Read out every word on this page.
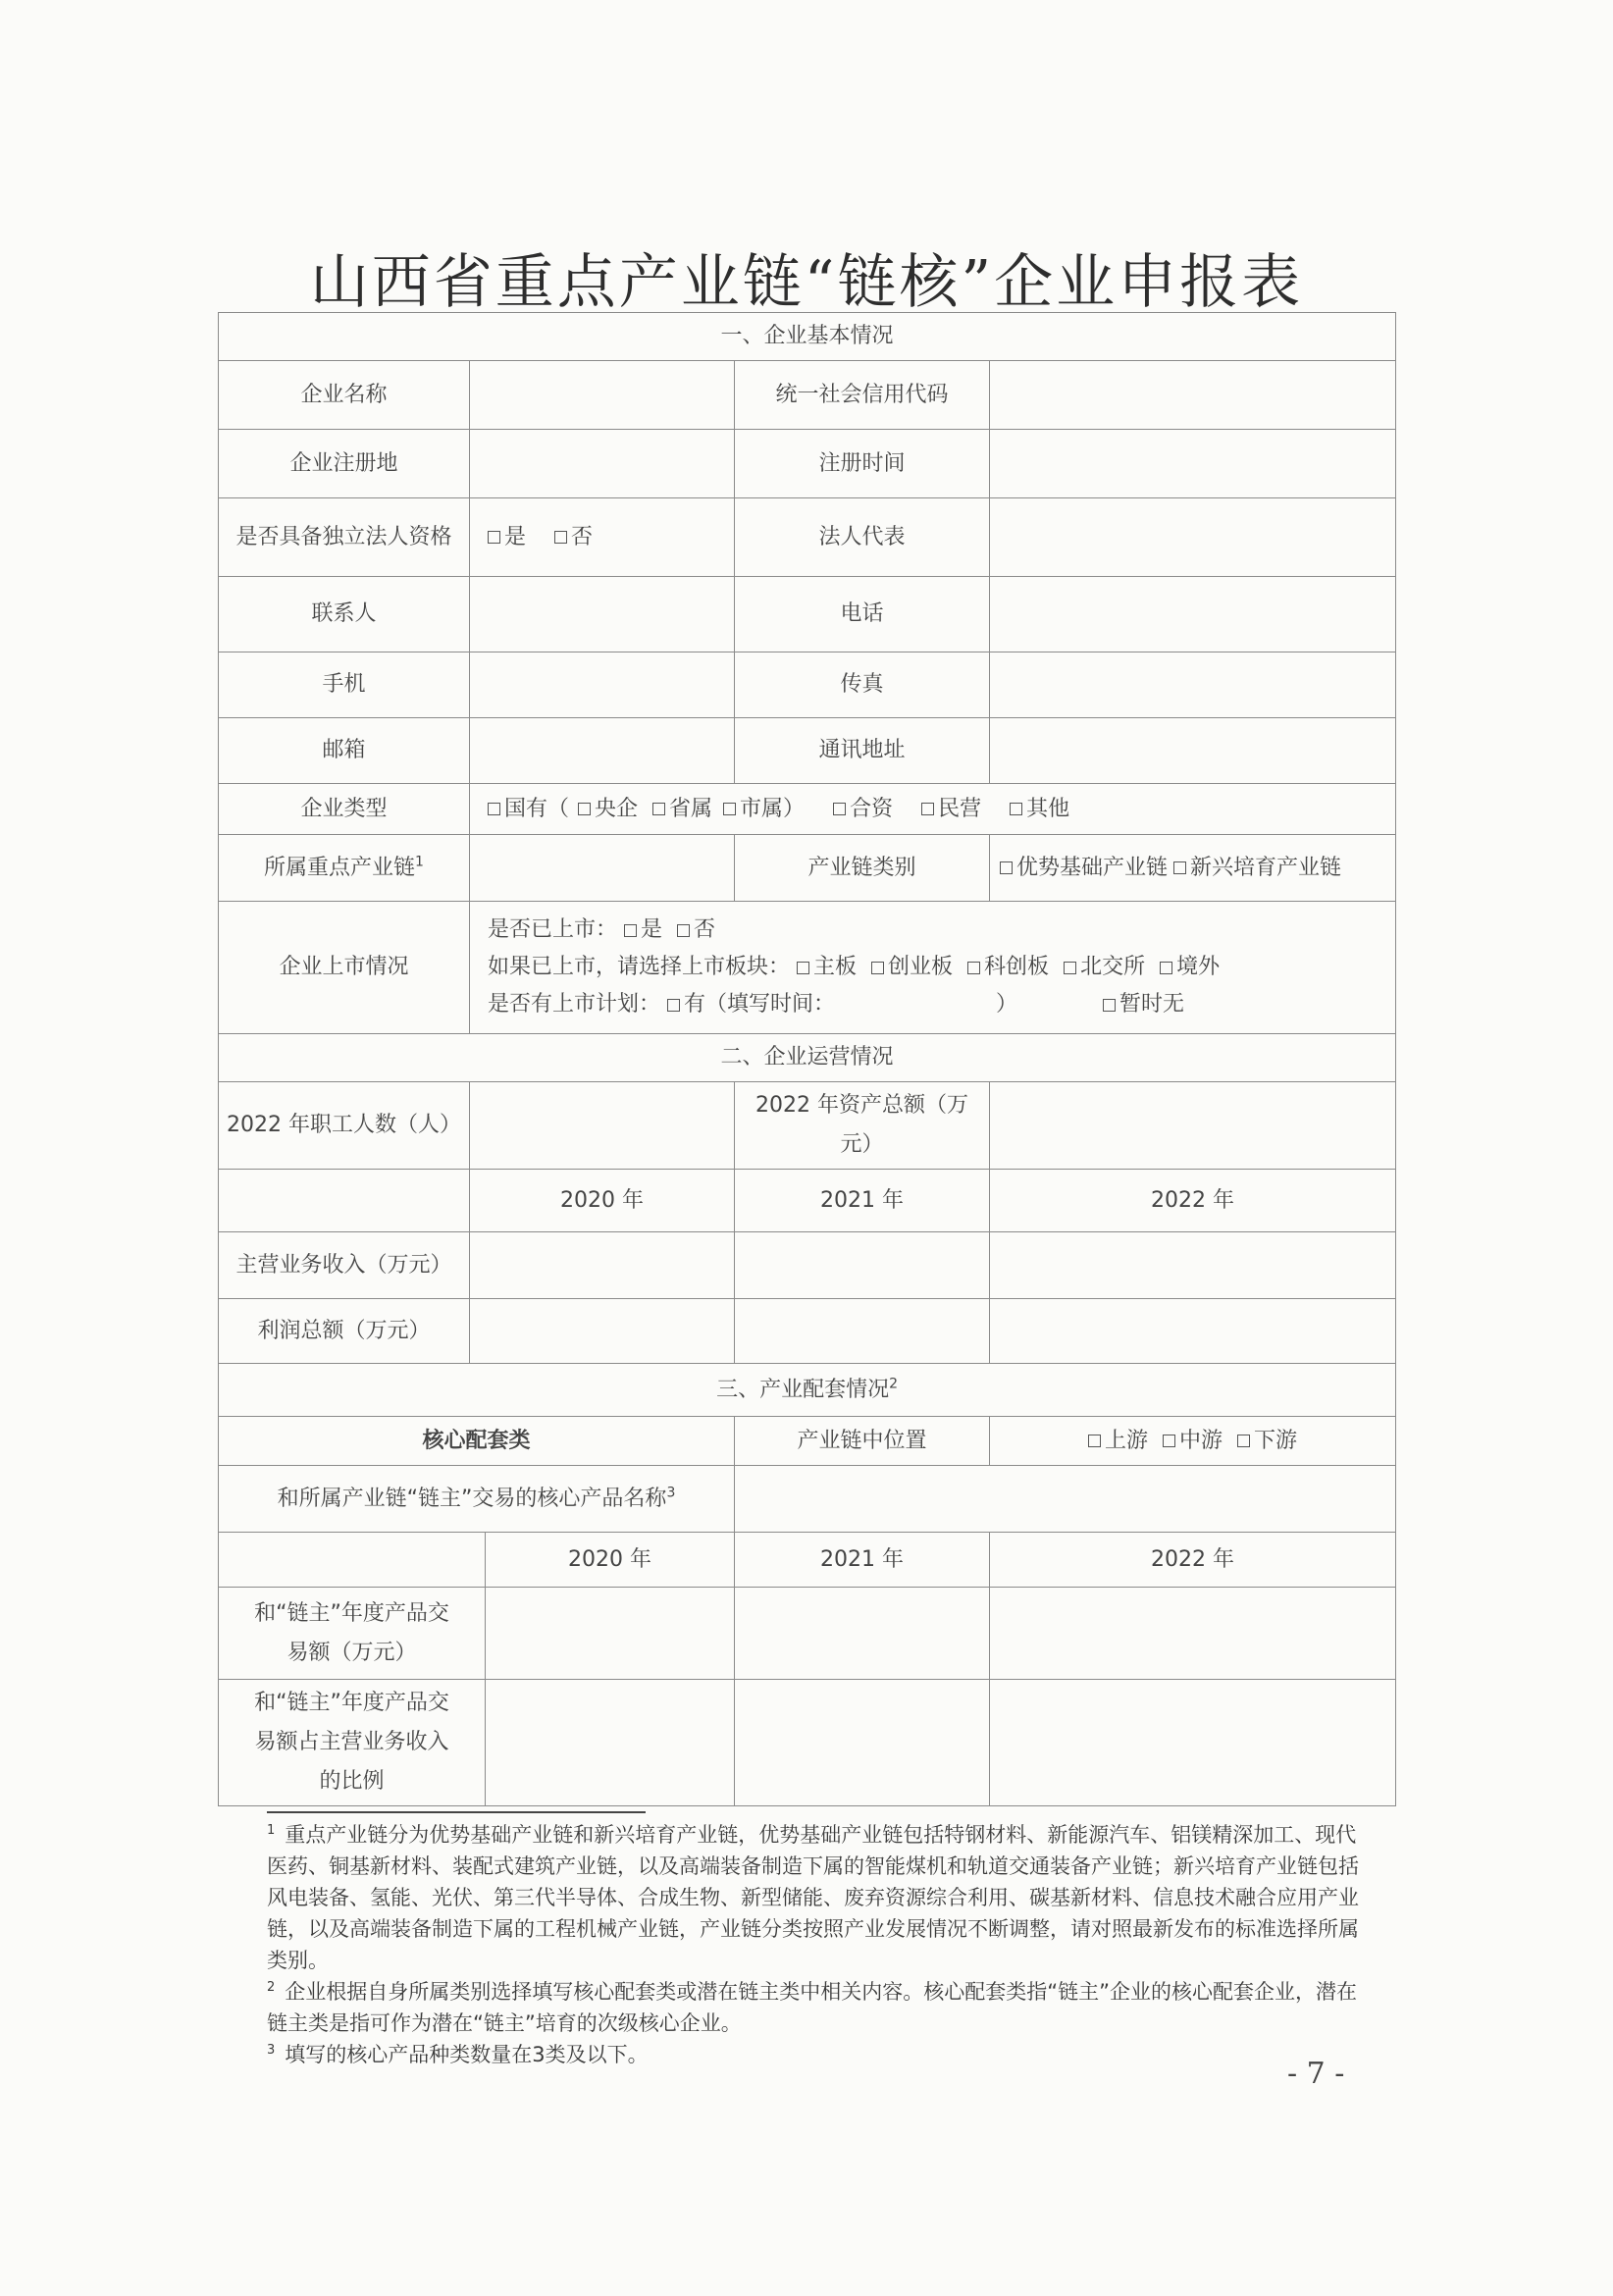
山西省重点产业链“链核”企业申报表
一、企业基本情况				
企业名称			统一社会信用代码	
企业注册地			注册时间	
是否具备独立法人资格	是 否		法人代表	
联系人			电话	
手机			传真	
邮箱			通讯地址	
企业类型	国有（ 央企 省属 市属） 合资 民营 其他			
所属重点产业链$^1$			产业链类别	优势基础产业链 新兴培育产业链
企业上市情况	是否已上市： 是 否
如果已上市，请选择上市板块： 主板 创业板 科创板 北交所 境外
是否有上市计划： 有（填写时间： ） 暂时无			

二、企业运营情况				
2022 年职工人数（人）			2022 年资产总额（万元）	
	2020 年		2021 年	2022 年
主营业务收入（万元）				
利润总额（万元）				
三、产业配套情况$^2$
核心配套类			产业链中位置	上游 中游 下游
和所属产业链“链主”交易的核心产品名称$^3$	
		2020 年	2021 年	2022 年
和“链主”年度产品交易额（万元）				
和“链主”年度产品交易额占主营业务收入的比例				

$^1$ 重点产业链分为优势基础产业链和新兴培育产业链，优势基础产业链包括特钢材料、新能源汽车、铝镁精深加工、现代医药、铜基新材料、装配式建筑产业链，以及高端装备制造下属的智能煤机和轨道交通装备产业链；新兴培育产业链包括风电装备、氢能、光伏、第三代半导体、合成生物、新型储能、废弃资源综合利用、碳基新材料、信息技术融合应用产业链，以及高端装备制造下属的工程机械产业链，产业链分类按照产业发展情况不断调整，请对照最新发布的标准选择所属类别。

$^2$ 企业根据自身所属类别选择填写核心配套类或潜在链主类中相关内容。核心配套类指“链主”企业的核心配套企业，潜在链主类是指可作为潜在“链主”培育的次级核心企业。

$^3$ 填写的核心产品种类数量在3类及以下。

- 7 -
